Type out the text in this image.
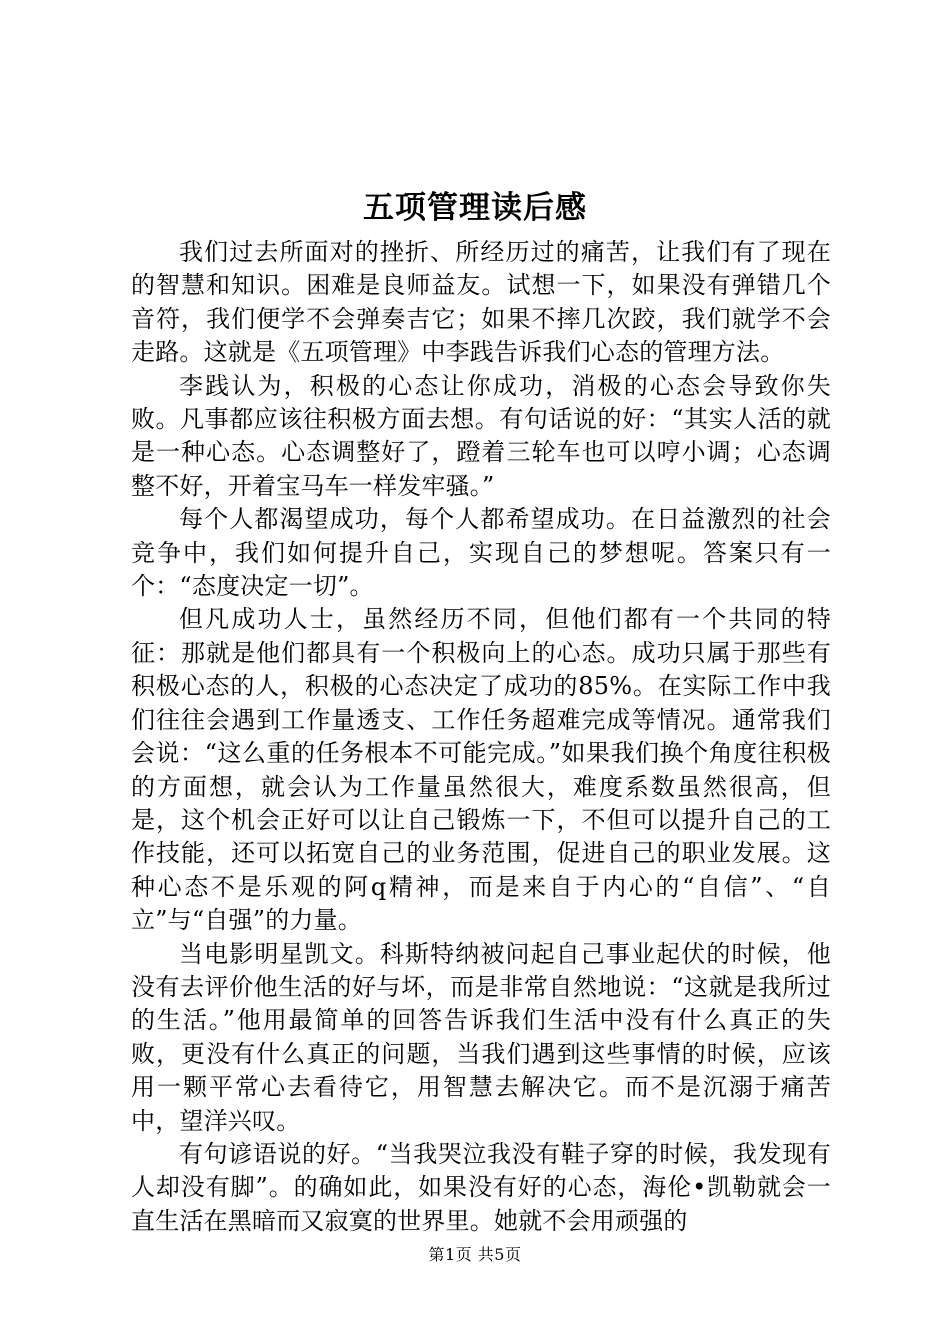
五项管理读后感

我们过去所面对的挫折、所经历过的痛苦，让我们有了现在的智慧和知识。困难是良师益友。试想一下，如果没有弹错几个音符，我们便学不会弹奏吉它；如果不摔几次跤，我们就学不会走路。这就是《五项管理》中李践告诉我们心态的管理方法。

李践认为，积极的心态让你成功，消极的心态会导致你失败。凡事都应该往积极方面去想。有句话说的好：“其实人活的就是一种心态。心态调整好了，蹬着三轮车也可以哼小调；心态调整不好，开着宝马车一样发牢骚。”

每个人都渴望成功，每个人都希望成功。在日益激烈的社会竞争中，我们如何提升自己，实现自己的梦想呢。答案只有一个：“态度决定一切”。

但凡成功人士，虽然经历不同，但他们都有一个共同的特征：那就是他们都具有一个积极向上的心态。成功只属于那些有积极心态的人，积极的心态决定了成功的85%。在实际工作中我们往往会遇到工作量透支、工作任务超难完成等情况。通常我们会说：“这么重的任务根本不可能完成。”如果我们换个角度往积极的方面想，就会认为工作量虽然很大，难度系数虽然很高，但是，这个机会正好可以让自己锻炼一下，不但可以提升自己的工作技能，还可以拓宽自己的业务范围，促进自己的职业发展。这种心态不是乐观的阿q精神，而是来自于内心的“自信”、“自立”与“自强”的力量。

当电影明星凯文。科斯特纳被问起自己事业起伏的时候，他没有去评价他生活的好与坏，而是非常自然地说：“这就是我所过的生活。”他用最简单的回答告诉我们生活中没有什么真正的失败，更没有什么真正的问题，当我们遇到这些事情的时候，应该用一颗平常心去看待它，用智慧去解决它。而不是沉溺于痛苦中，望洋兴叹。

有句谚语说的好。“当我哭泣我没有鞋子穿的时候，我发现有人却没有脚”。的确如此，如果没有好的心态，海伦•凯勒就会一直生活在黑暗而又寂寞的世界里。她就不会用顽强的

第1页 共5页
